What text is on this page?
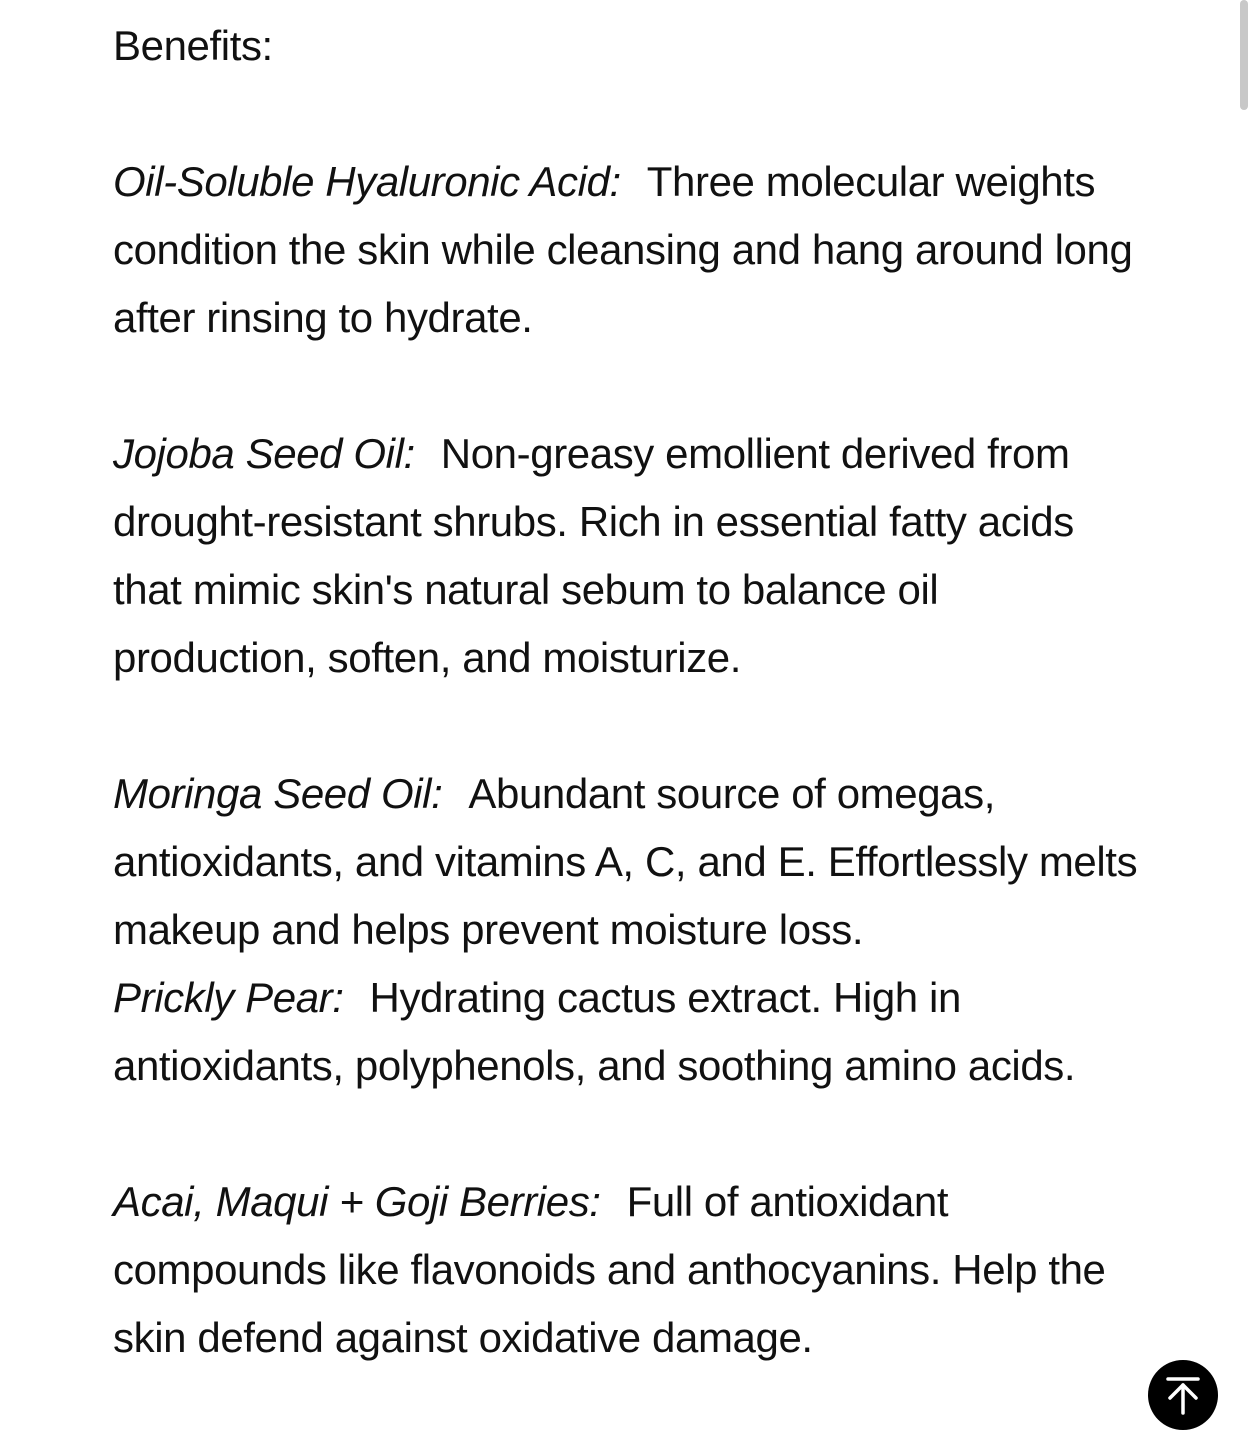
Benefits:

Oil-Soluble Hyaluronic Acid: Three molecular weights condition the skin while cleansing and hang around long after rinsing to hydrate.

Jojoba Seed Oil: Non-greasy emollient derived from drought-resistant shrubs. Rich in essential fatty acids that mimic skin's natural sebum to balance oil production, soften, and moisturize.

Moringa Seed Oil: Abundant source of omegas, antioxidants, and vitamins A, C, and E. Effortlessly melts makeup and helps prevent moisture loss.

Prickly Pear: Hydrating cactus extract. High in antioxidants, polyphenols, and soothing amino acids.

Acai, Maqui + Goji Berries: Full of antioxidant compounds like flavonoids and anthocyanins. Help the skin defend against oxidative damage.
